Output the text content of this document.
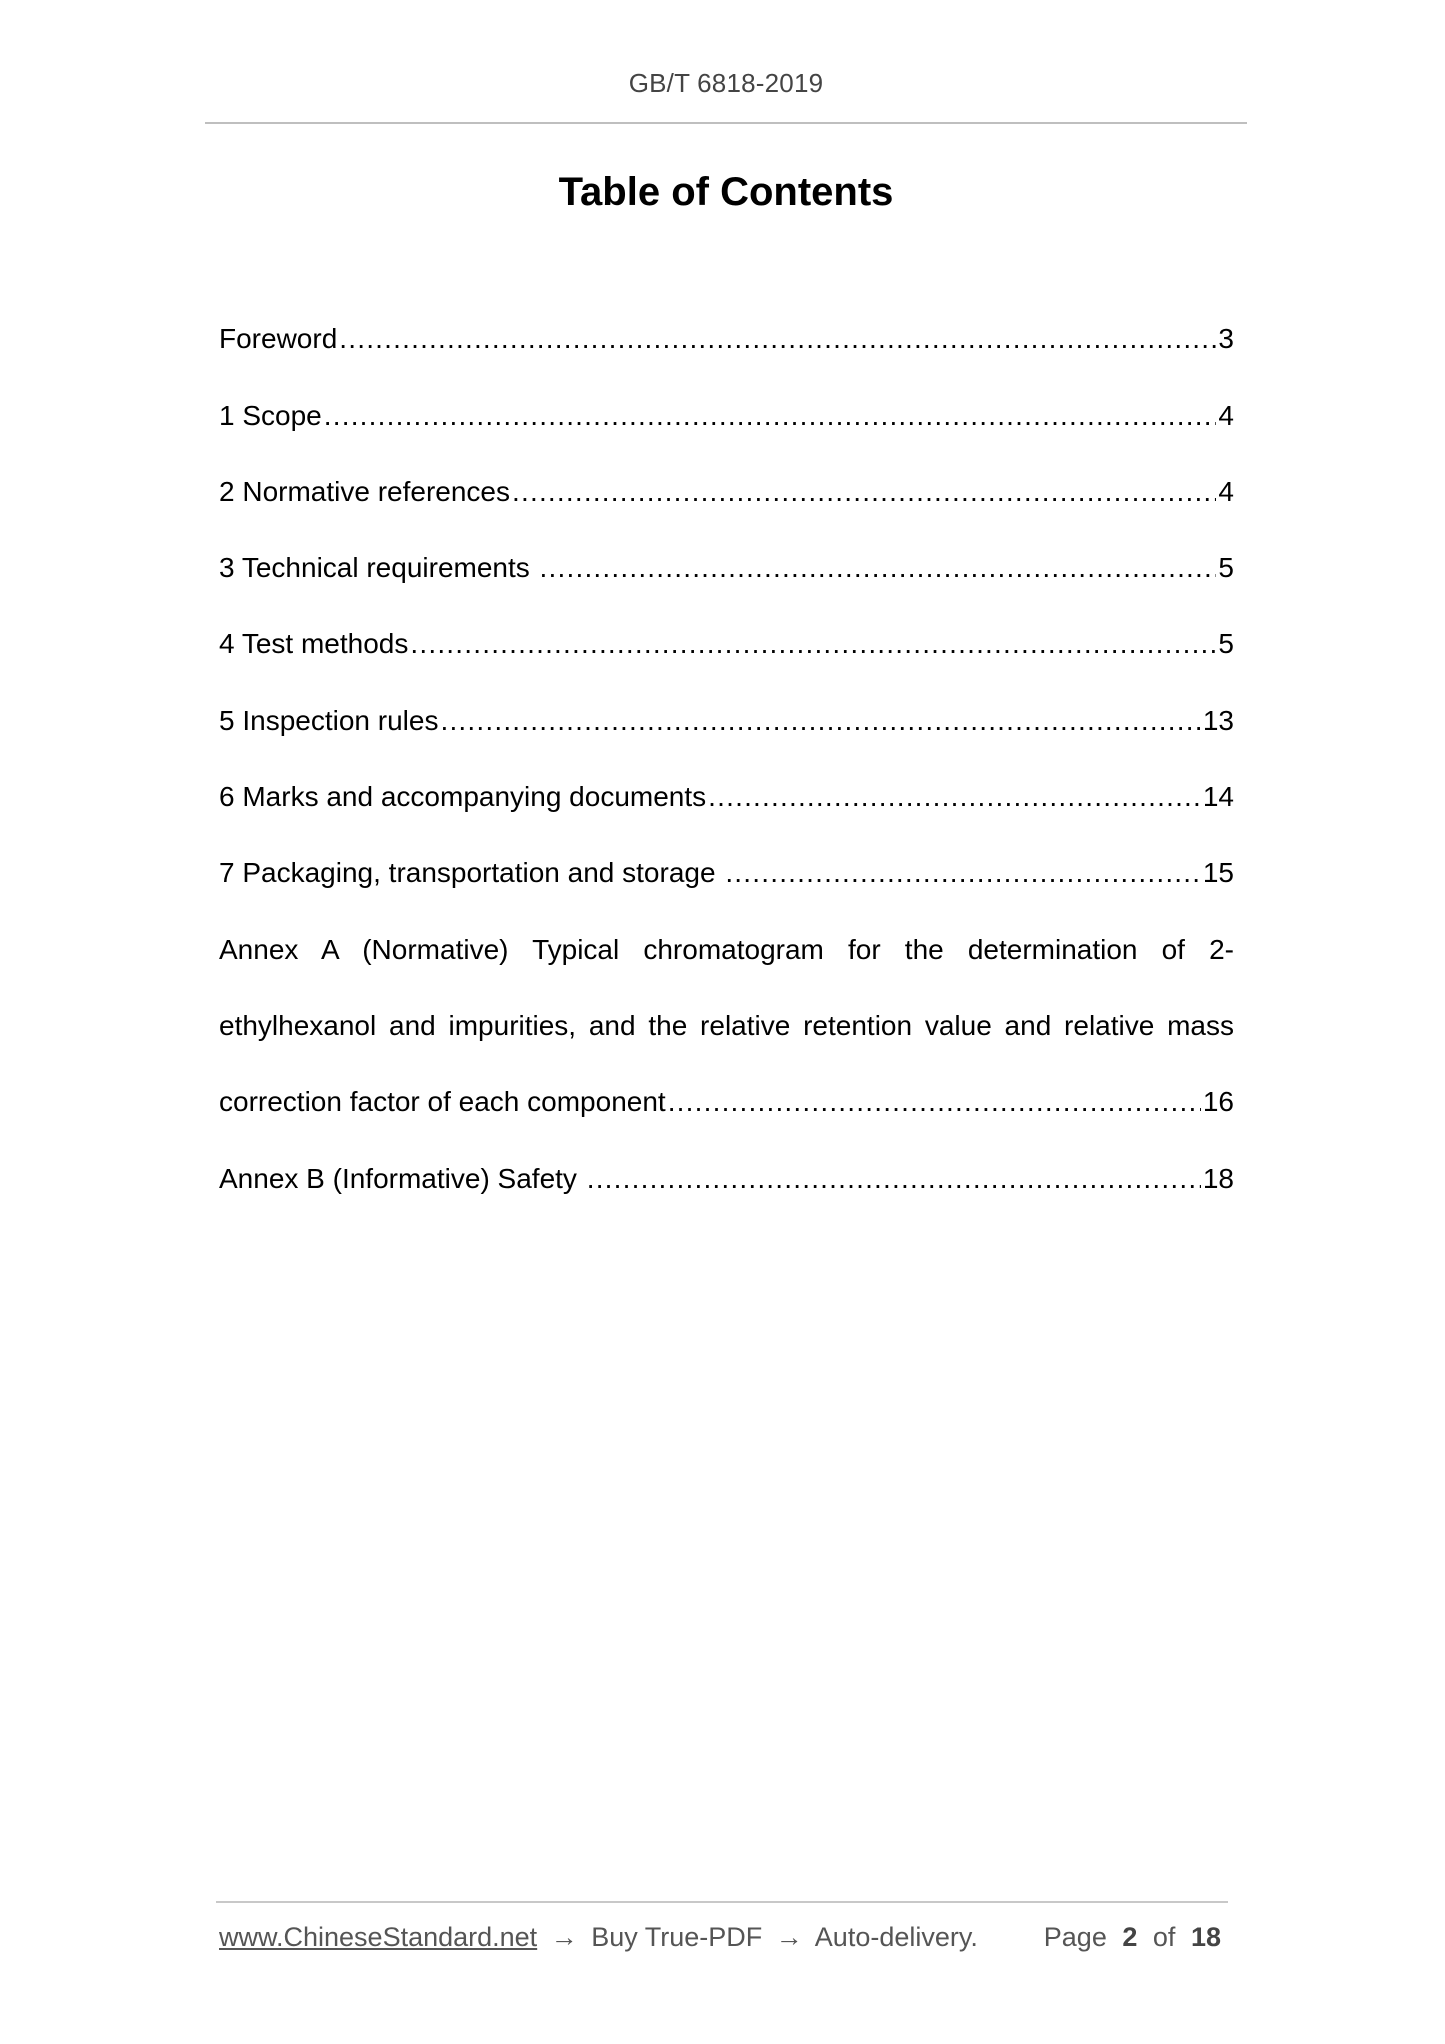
GB/T 6818-2019
Table of Contents
Foreword .....	3
1 Scope .....	4
2 Normative references .....	4
3 Technical requirements .....	5
4 Test methods .....	5
5 Inspection rules .....	13
6 Marks and accompanying documents .....	14
7 Packaging, transportation and storage .....	15
Annex A (Normative) Typical chromatogram for the determination of 2-
ethylhexanol and impurities, and the relative retention value and relative mass
correction factor of each component .....	16
Annex B (Informative) Safety .....	18
www.ChineseStandard.net → Buy True-PDF → Auto-delivery. Page 2 of 18
